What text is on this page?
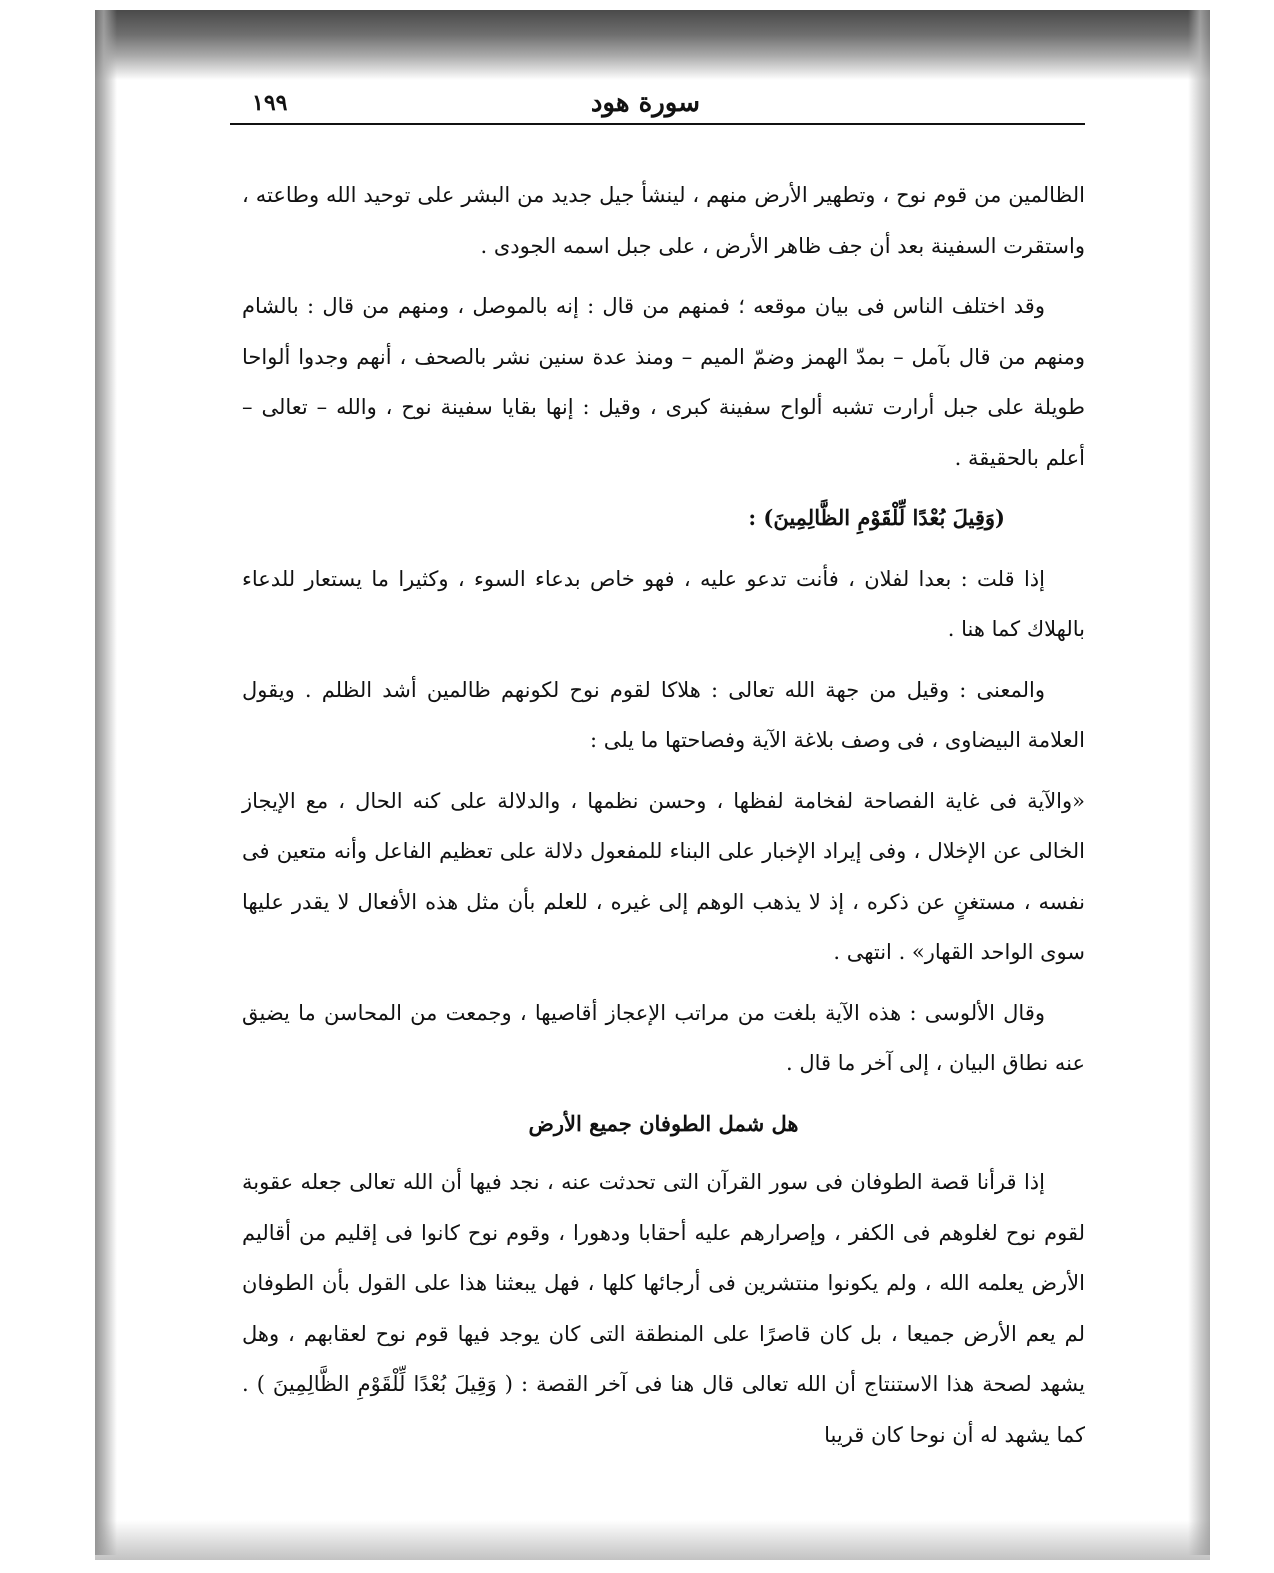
سورة هود
١٩٩

الظالمين من قوم نوح ، وتطهير الأرض منهم ، لينشأ جيل جديد من البشر على توحيد الله وطاعته ، واستقرت السفينة بعد أن جف ظاهر الأرض ، على جبل اسمه الجودى .

وقد اختلف الناس فى بيان موقعه ؛ فمنهم من قال : إنه بالموصل ، ومنهم من قال : بالشام ومنهم من قال بآمل – بمدّ الهمز وضمّ الميم – ومنذ عدة سنين نشر بالصحف ، أنهم وجدوا ألواحا طويلة على جبل أرارت تشبه ألواح سفينة كبرى ، وقيل : إنها بقايا سفينة نوح ، والله – تعالى – أعلم بالحقيقة .

(وَقِيلَ بُعْدًا لِّلْقَوْمِ الظَّالِمِينَ) :

إذا قلت : بعدا لفلان ، فأنت تدعو عليه ، فهو خاص بدعاء السوء ، وكثيرا ما يستعار للدعاء بالهلاك كما هنا .

والمعنى : وقيل من جهة الله تعالى : هلاكا لقوم نوح لكونهم ظالمين أشد الظلم . ويقول العلامة البيضاوى ، فى وصف بلاغة الآية وفصاحتها ما يلى :

«والآية فى غاية الفصاحة لفخامة لفظها ، وحسن نظمها ، والدلالة على كنه الحال ، مع الإيجاز الخالى عن الإخلال ، وفى إيراد الإخبار على البناء للمفعول دلالة على تعظيم الفاعل وأنه متعين فى نفسه ، مستغنٍ عن ذكره ، إذ لا يذهب الوهم إلى غيره ، للعلم بأن مثل هذه الأفعال لا يقدر عليها سوى الواحد القهار» . انتهى .

وقال الألوسى : هذه الآية بلغت من مراتب الإعجاز أقاصيها ، وجمعت من المحاسن ما يضيق عنه نطاق البيان ، إلى آخر ما قال .

هل شمل الطوفان جميع الأرض

إذا قرأنا قصة الطوفان فى سور القرآن التى تحدثت عنه ، نجد فيها أن الله تعالى جعله عقوبة لقوم نوح لغلوهم فى الكفر ، وإصرارهم عليه أحقابا ودهورا ، وقوم نوح كانوا فى إقليم من أقاليم الأرض يعلمه الله ، ولم يكونوا منتشرين فى أرجائها كلها ، فهل يبعثنا هذا على القول بأن الطوفان لم يعم الأرض جميعا ، بل كان قاصرًا على المنطقة التى كان يوجد فيها قوم نوح لعقابهم ، وهل يشهد لصحة هذا الاستنتاج أن الله تعالى قال هنا فى آخر القصة : ( وَقِيلَ بُعْدًا لِّلْقَوْمِ الظَّالِمِينَ ) . كما يشهد له أن نوحا كان قريبا
